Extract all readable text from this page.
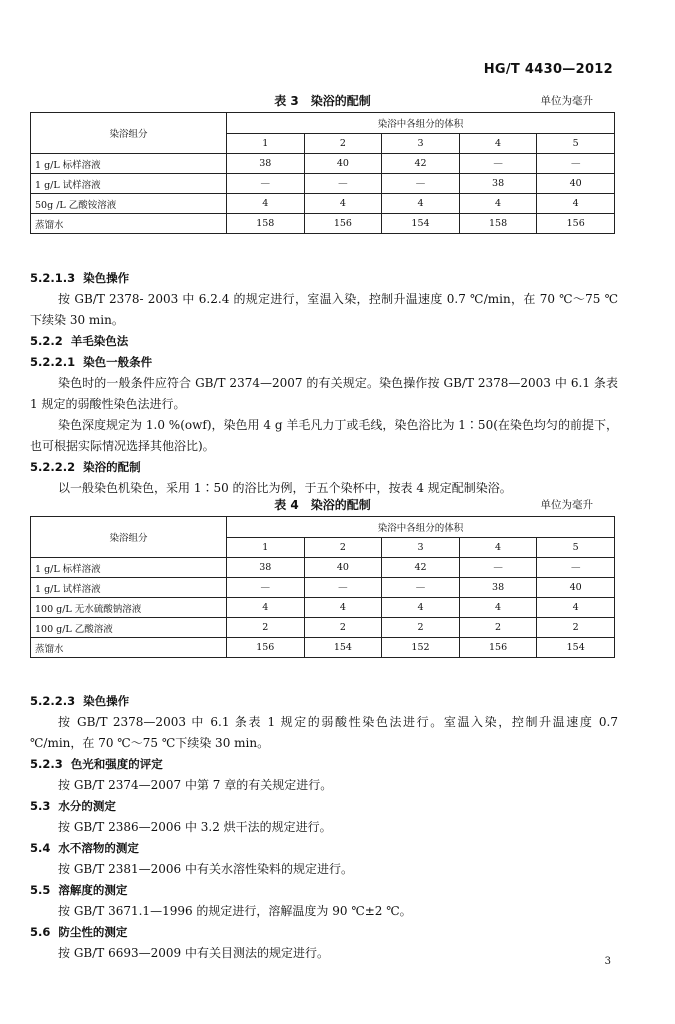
HG/T 4430—2012
表 3　染浴的配制	单位为毫升
染浴组分	染浴中各组分的体积				
	1	2	3	4	5
1 g/L 标样溶液	38	40	42	—	—
1 g/L 试样溶液	—	—	—	38	40
50g /L 乙酸铵溶液	4	4	4	4	4
蒸馏水	158	156	154	158	156
5.2.1.3 染色操作
按 GB/T 2378- 2003 中 6.2.4 的规定进行，室温入染，控制升温速度 0.7 ℃/min，在 70 ℃～75 ℃下续染 30 min。
5.2.2 羊毛染色法
5.2.2.1 染色一般条件
染色时的一般条件应符合 GB/T 2374—2007 的有关规定。染色操作按 GB/T 2378—2003 中 6.1 条表 1 规定的弱酸性染色法进行。
染色深度规定为 1.0 %(owf)，染色用 4 g 羊毛凡力丁或毛线，染色浴比为 1∶50(在染色均匀的前提下，也可根据实际情况选择其他浴比)。
5.2.2.2 染浴的配制
以一般染色机染色，采用 1∶50 的浴比为例，于五个染杯中，按表 4 规定配制染浴。
表 4　染浴的配制	单位为毫升
染浴组分	染浴中各组分的体积				
	1	2	3	4	5
1 g/L 标样溶液	38	40	42	—	—
1 g/L 试样溶液	—	—	—	38	40
100 g/L 无水硫酸钠溶液	4	4	4	4	4
100 g/L 乙酸溶液	2	2	2	2	2
蒸馏水	156	154	152	156	154
5.2.2.3 染色操作
按 GB/T 2378—2003 中 6.1 条表 1 规定的弱酸性染色法进行。室温入染，控制升温速度 0.7 ℃/min，在 70 ℃～75 ℃下续染 30 min。
5.2.3 色光和强度的评定
按 GB/T 2374—2007 中第 7 章的有关规定进行。
5.3 水分的测定
按 GB/T 2386—2006 中 3.2 烘干法的规定进行。
5.4 水不溶物的测定
按 GB/T 2381—2006 中有关水溶性染料的规定进行。
5.5 溶解度的测定
按 GB/T 3671.1—1996 的规定进行，溶解温度为 90 ℃±2 ℃。
5.6 防尘性的测定
按 GB/T 6693—2009 中有关目测法的规定进行。
3
